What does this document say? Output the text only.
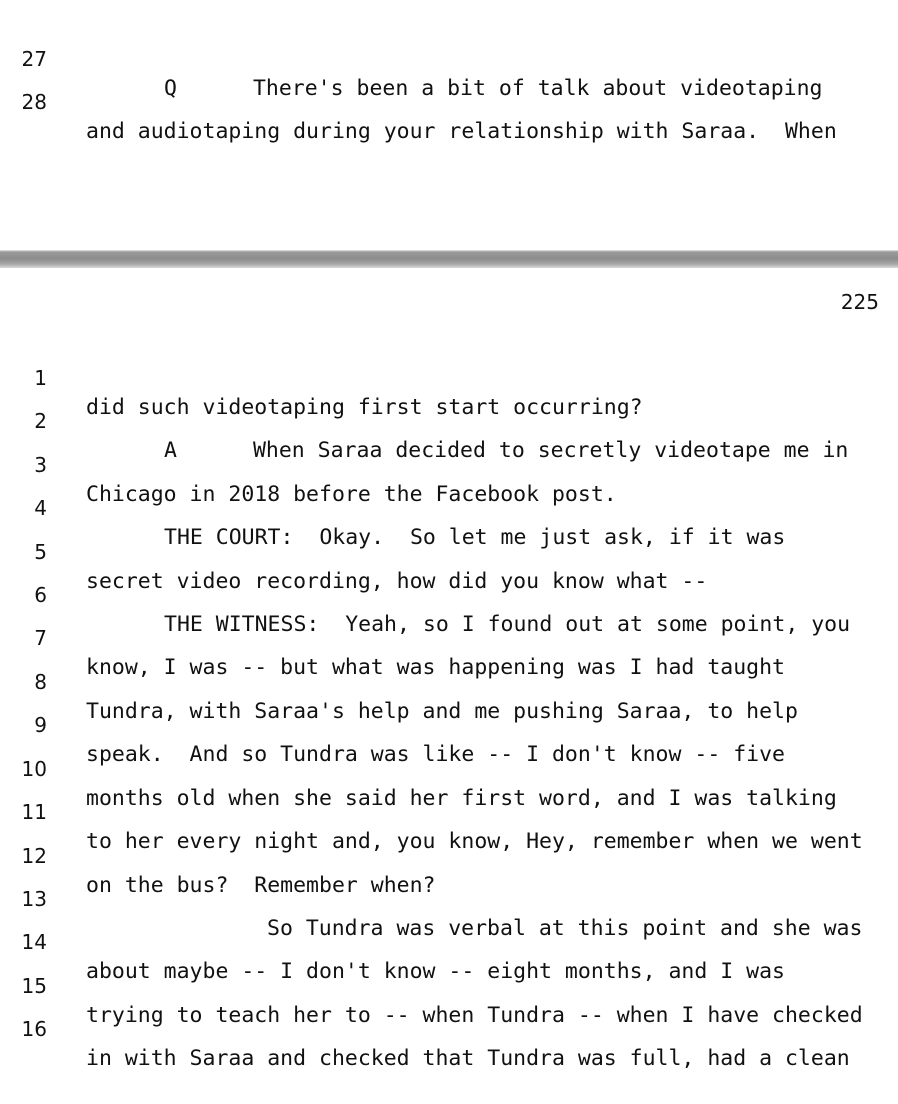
27

Q	There's been a bit of talk about videotaping

28

and audiotaping during your relationship with Saraa.  When

225

1

did such videotaping first start occurring?

2

A	When Saraa decided to secretly videotape me in

3

Chicago in 2018 before the Facebook post.

4

THE COURT:  Okay.  So let me just ask, if it was

5

secret video recording, how did you know what --

6

THE WITNESS:  Yeah, so I found out at some point, you

7

know, I was -- but what was happening was I had taught

8

Tundra, with Saraa's help and me pushing Saraa, to help

9

speak.  And so Tundra was like -- I don't know -- five

10

months old when she said her first word, and I was talking

11

to her every night and, you know, Hey, remember when we went

12

on the bus?  Remember when?

13

So Tundra was verbal at this point and she was

14

about maybe -- I don't know -- eight months, and I was

15

trying to teach her to -- when Tundra -- when I have checked

16

in with Saraa and checked that Tundra was full, had a clean
